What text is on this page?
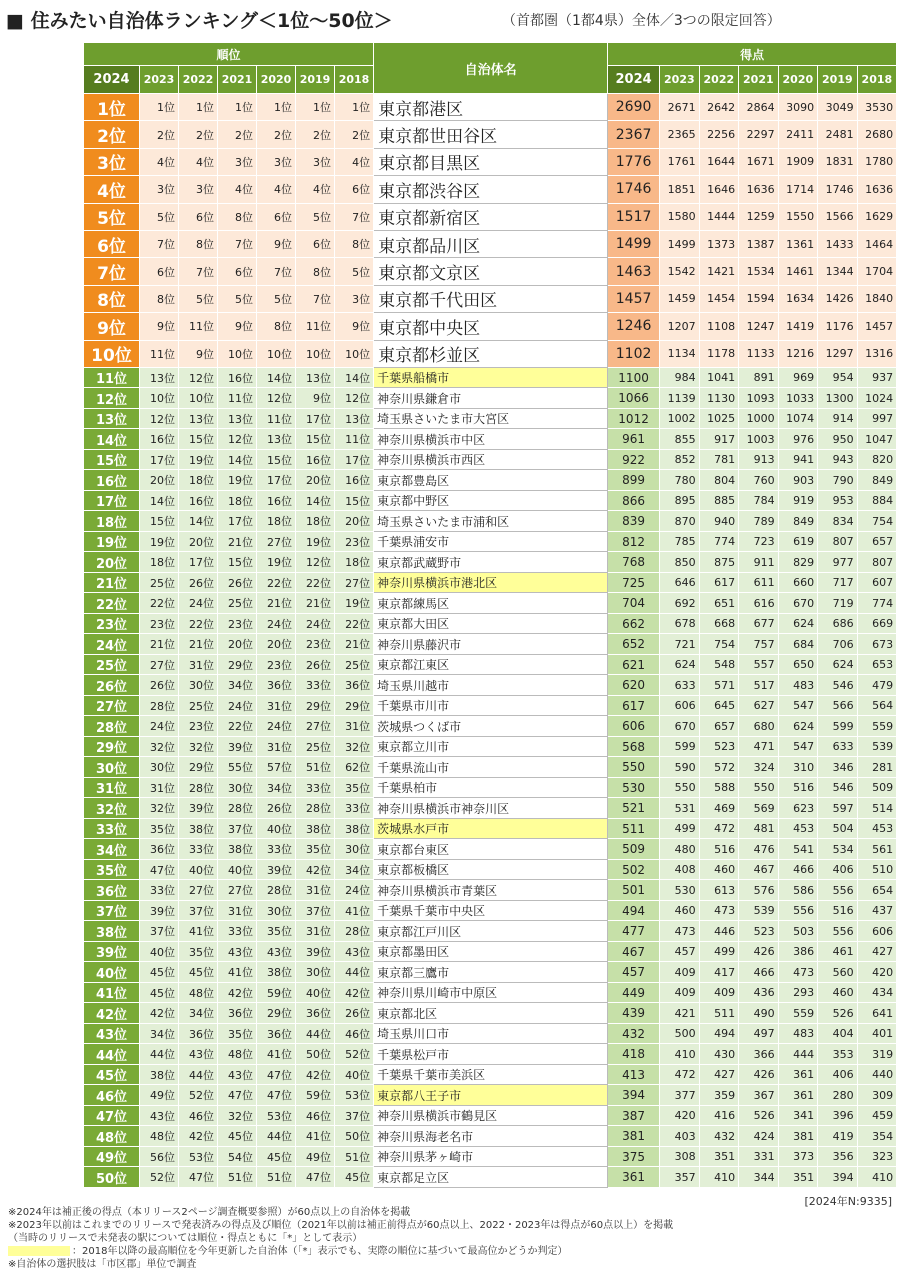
■ 住みたい自治体ランキング＜1位～50位＞	（首都圏（1都4県）全体／3つの限定回答）
順位							自治体名	得点						
2024	2023	2022	2021	2020	2019	2018		2024	2023	2022	2021	2020	2019	2018
1位	1位	1位	1位	1位	1位	1位	東京都港区	2690	2671	2642	2864	3090	3049	3530
2位	2位	2位	2位	2位	2位	2位	東京都世田谷区	2367	2365	2256	2297	2411	2481	2680
3位	4位	4位	3位	3位	3位	4位	東京都目黒区	1776	1761	1644	1671	1909	1831	1780
4位	3位	3位	4位	4位	4位	6位	東京都渋谷区	1746	1851	1646	1636	1714	1746	1636
5位	5位	6位	8位	6位	5位	7位	東京都新宿区	1517	1580	1444	1259	1550	1566	1629
6位	7位	8位	7位	9位	6位	8位	東京都品川区	1499	1499	1373	1387	1361	1433	1464
7位	6位	7位	6位	7位	8位	5位	東京都文京区	1463	1542	1421	1534	1461	1344	1704
8位	8位	5位	5位	5位	7位	3位	東京都千代田区	1457	1459	1454	1594	1634	1426	1840
9位	9位	11位	9位	8位	11位	9位	東京都中央区	1246	1207	1108	1247	1419	1176	1457
10位	11位	9位	10位	10位	10位	10位	東京都杉並区	1102	1134	1178	1133	1216	1297	1316
11位	13位	12位	16位	14位	13位	14位	千葉県船橋市	1100	984	1041	891	969	954	937
12位	10位	10位	11位	12位	9位	12位	神奈川県鎌倉市	1066	1139	1130	1093	1033	1300	1024
13位	12位	13位	13位	11位	17位	13位	埼玉県さいたま市大宮区	1012	1002	1025	1000	1074	914	997
14位	16位	15位	12位	13位	15位	11位	神奈川県横浜市中区	961	855	917	1003	976	950	1047
15位	17位	19位	14位	15位	16位	17位	神奈川県横浜市西区	922	852	781	913	941	943	820
16位	20位	18位	19位	17位	20位	16位	東京都豊島区	899	780	804	760	903	790	849
17位	14位	16位	18位	16位	14位	15位	東京都中野区	866	895	885	784	919	953	884
18位	15位	14位	17位	18位	18位	20位	埼玉県さいたま市浦和区	839	870	940	789	849	834	754
19位	19位	20位	21位	27位	19位	23位	千葉県浦安市	812	785	774	723	619	807	657
20位	18位	17位	15位	19位	12位	18位	東京都武蔵野市	768	850	875	911	829	977	807
21位	25位	26位	26位	22位	22位	27位	神奈川県横浜市港北区	725	646	617	611	660	717	607
22位	22位	24位	25位	21位	21位	19位	東京都練馬区	704	692	651	616	670	719	774
23位	23位	22位	23位	24位	24位	22位	東京都大田区	662	678	668	677	624	686	669
24位	21位	21位	20位	20位	23位	21位	神奈川県藤沢市	652	721	754	757	684	706	673
25位	27位	31位	29位	23位	26位	25位	東京都江東区	621	624	548	557	650	624	653
26位	26位	30位	34位	36位	33位	36位	埼玉県川越市	620	633	571	517	483	546	479
27位	28位	25位	24位	31位	29位	29位	千葉県市川市	617	606	645	627	547	566	564
28位	24位	23位	22位	24位	27位	31位	茨城県つくば市	606	670	657	680	624	599	559
29位	32位	32位	39位	31位	25位	32位	東京都立川市	568	599	523	471	547	633	539
30位	30位	29位	55位	57位	51位	62位	千葉県流山市	550	590	572	324	310	346	281
31位	31位	28位	30位	34位	33位	35位	千葉県柏市	530	550	588	550	516	546	509
32位	32位	39位	28位	26位	28位	33位	神奈川県横浜市神奈川区	521	531	469	569	623	597	514
33位	35位	38位	37位	40位	38位	38位	茨城県水戸市	511	499	472	481	453	504	453
34位	36位	33位	38位	33位	35位	30位	東京都台東区	509	480	516	476	541	534	561
35位	47位	40位	40位	39位	42位	34位	東京都板橋区	502	408	460	467	466	406	510
36位	33位	27位	27位	28位	31位	24位	神奈川県横浜市青葉区	501	530	613	576	586	556	654
37位	39位	37位	31位	30位	37位	41位	千葉県千葉市中央区	494	460	473	539	556	516	437
38位	37位	41位	33位	35位	31位	28位	東京都江戸川区	477	473	446	523	503	556	606
39位	40位	35位	43位	43位	39位	43位	東京都墨田区	467	457	499	426	386	461	427
40位	45位	45位	41位	38位	30位	44位	東京都三鷹市	457	409	417	466	473	560	420
41位	45位	48位	42位	59位	40位	42位	神奈川県川崎市中原区	449	409	409	436	293	460	434
42位	42位	34位	36位	29位	36位	26位	東京都北区	439	421	511	490	559	526	641
43位	34位	36位	35位	36位	44位	46位	埼玉県川口市	432	500	494	497	483	404	401
44位	44位	43位	48位	41位	50位	52位	千葉県松戸市	418	410	430	366	444	353	319
45位	38位	44位	43位	47位	42位	40位	千葉県千葉市美浜区	413	472	427	426	361	406	440
46位	49位	52位	47位	47位	59位	53位	東京都八王子市	394	377	359	367	361	280	309
47位	43位	46位	32位	53位	46位	37位	神奈川県横浜市鶴見区	387	420	416	526	341	396	459
48位	48位	42位	45位	44位	41位	50位	神奈川県海老名市	381	403	432	424	381	419	354
49位	56位	53位	54位	45位	49位	51位	神奈川県茅ヶ崎市	375	308	351	331	373	356	323
50位	52位	47位	51位	51位	47位	45位	東京都足立区	361	357	410	344	351	394	410
[2024年N:9335]
※2024年は補正後の得点（本リリース2ページ調査概要参照）が60点以上の自治体を掲載
※2023年以前はこれまでのリリースで発表済みの得点及び順位（2021年以前は補正前得点が60点以上、2022・2023年は得点が60点以上）を掲載
（当時のリリースで未発表の駅については順位・得点ともに「*」として表示）
：2018年以降の最高順位を今年更新した自治体（「*」表示でも、実際の順位に基づいて最高位かどうか判定）
※自治体の選択肢は「市区郡」単位で調査
